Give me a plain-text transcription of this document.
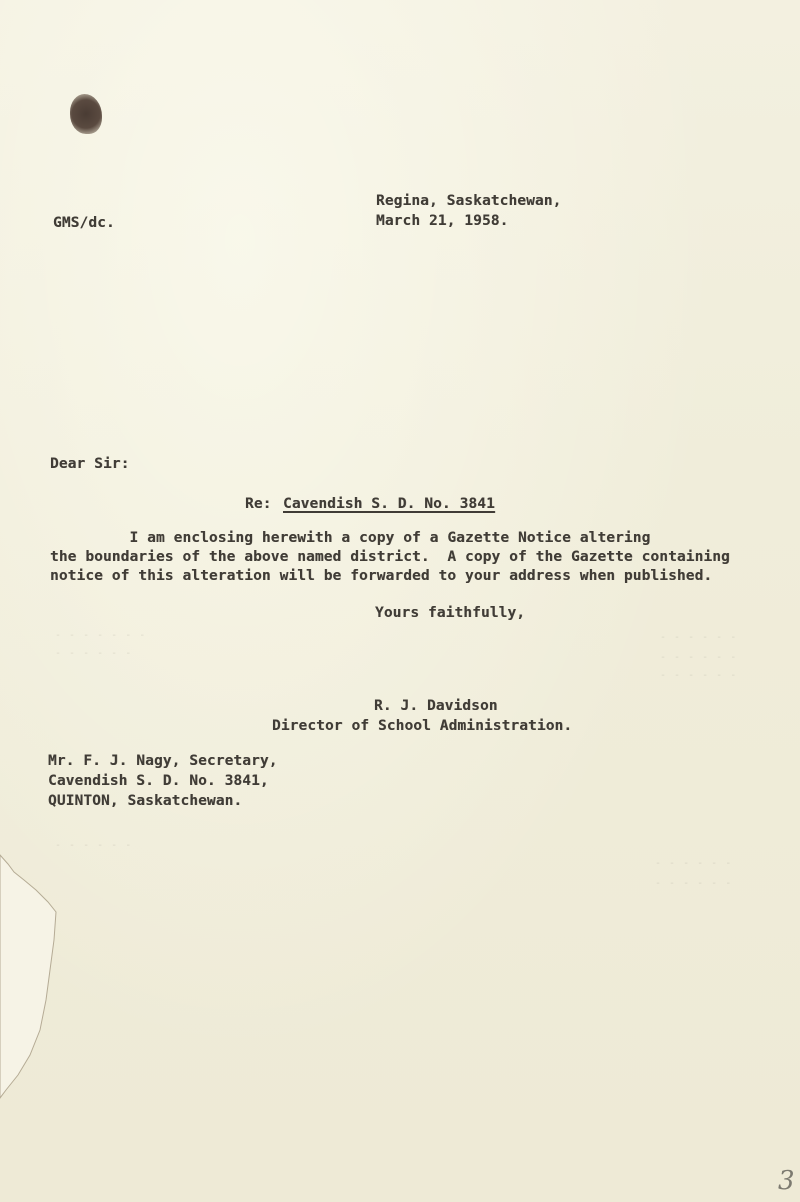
GMS/dc.
Regina, Saskatchewan,
March 21, 1958.
Dear Sir:
Re: Cavendish S. D. No. 3841
I am enclosing herewith a copy of a Gazette Notice altering
the boundaries of the above named district.  A copy of the Gazette containing
notice of this alteration will be forwarded to your address when published.
Yours faithfully,
R. J. Davidson
Director of School Administration.
Mr. F. J. Nagy, Secretary,
Cavendish S. D. No. 3841,
QUINTON, Saskatchewan.
- - - - - - -
- - - - - -
- - - - - -
- - - - - -
- - - - - -
- - - - - -
- - - - - -
- - - - - -
3
